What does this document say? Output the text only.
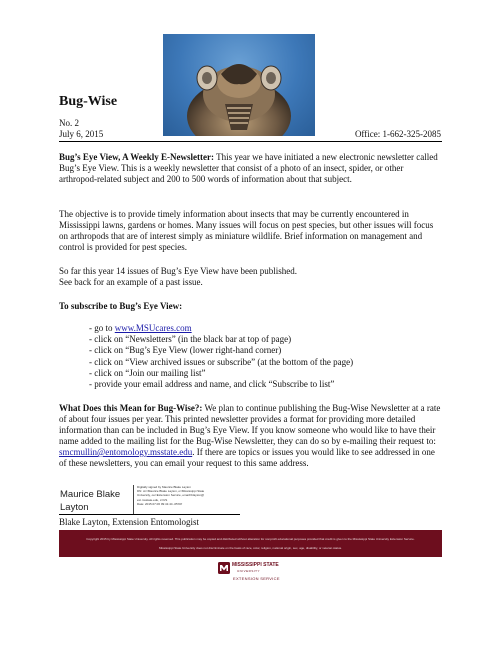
Bug-Wise
No. 2
July 6, 2015	Office: 1-662-325-2085

Bug’s Eye View, A Weekly E-Newsletter: This year we have initiated a new electronic newsletter called Bug’s Eye View. This is a weekly newsletter that consist of a photo of an insect, spider, or other arthropod-related subject and 200 to 500 words of information about that subject.

The objective is to provide timely information about insects that may be currently encountered in Mississippi lawns, gardens or homes. Many issues will focus on pest species, but other issues will focus on arthropods that are of interest simply as miniature wildlife. Brief information on management and control is provided for pest species.

So far this year 14 issues of Bug’s Eye View have been published.

See back for an example of a past issue.

To subscribe to Bug’s Eye View:
- go to www.MSUcares.com
- click on “Newsletters” (in the black bar at top of page)
- click on “Bug’s Eye View (lower right-hand corner)
- click on “View archived issues or subscribe” (at the bottom of the page)
- click on “Join our mailing list”
- provide your email address and name, and click “Subscribe to list”

What Does this Mean for Bug-Wise?: We plan to continue publishing the Bug-Wise Newsletter at a rate of about four issues per year. This printed newsletter provides a format for providing more detailed information than can be included in Bug’s Eye View. If you know someone who would like to have their name added to the mailing list for the Bug-Wise Newsletter, they can do so by e-mailing their request to: smcmullin@entomology.msstate.edu. If there are topics or issues you would like to see addressed in one of these newsletters, you can email your request to this same address.

Maurice Blake
Layton
Digitally signed by Maurice Blake Layton
DN: cn=Maurice Blake Layton, o=Mississippi State
University, ou=Extension Service, email=blayton@
ext.msstate.edu, c=US
Date: 2015.07.06 09:41:44 -05'00'
Blake Layton, Extension Entomologist
Copyright 2015 by Mississippi State University. All rights reserved. This publication may be copied and distributed without alteration for nonprofit educational purposes provided that credit is given to the Mississippi State University Extension Service.
Mississippi State University does not discriminate on the basis of race, color, religion, national origin, sex, age, disability, or veteran status.
MISSISSIPPI STATE
UNIVERSITY
EXTENSION SERVICE
